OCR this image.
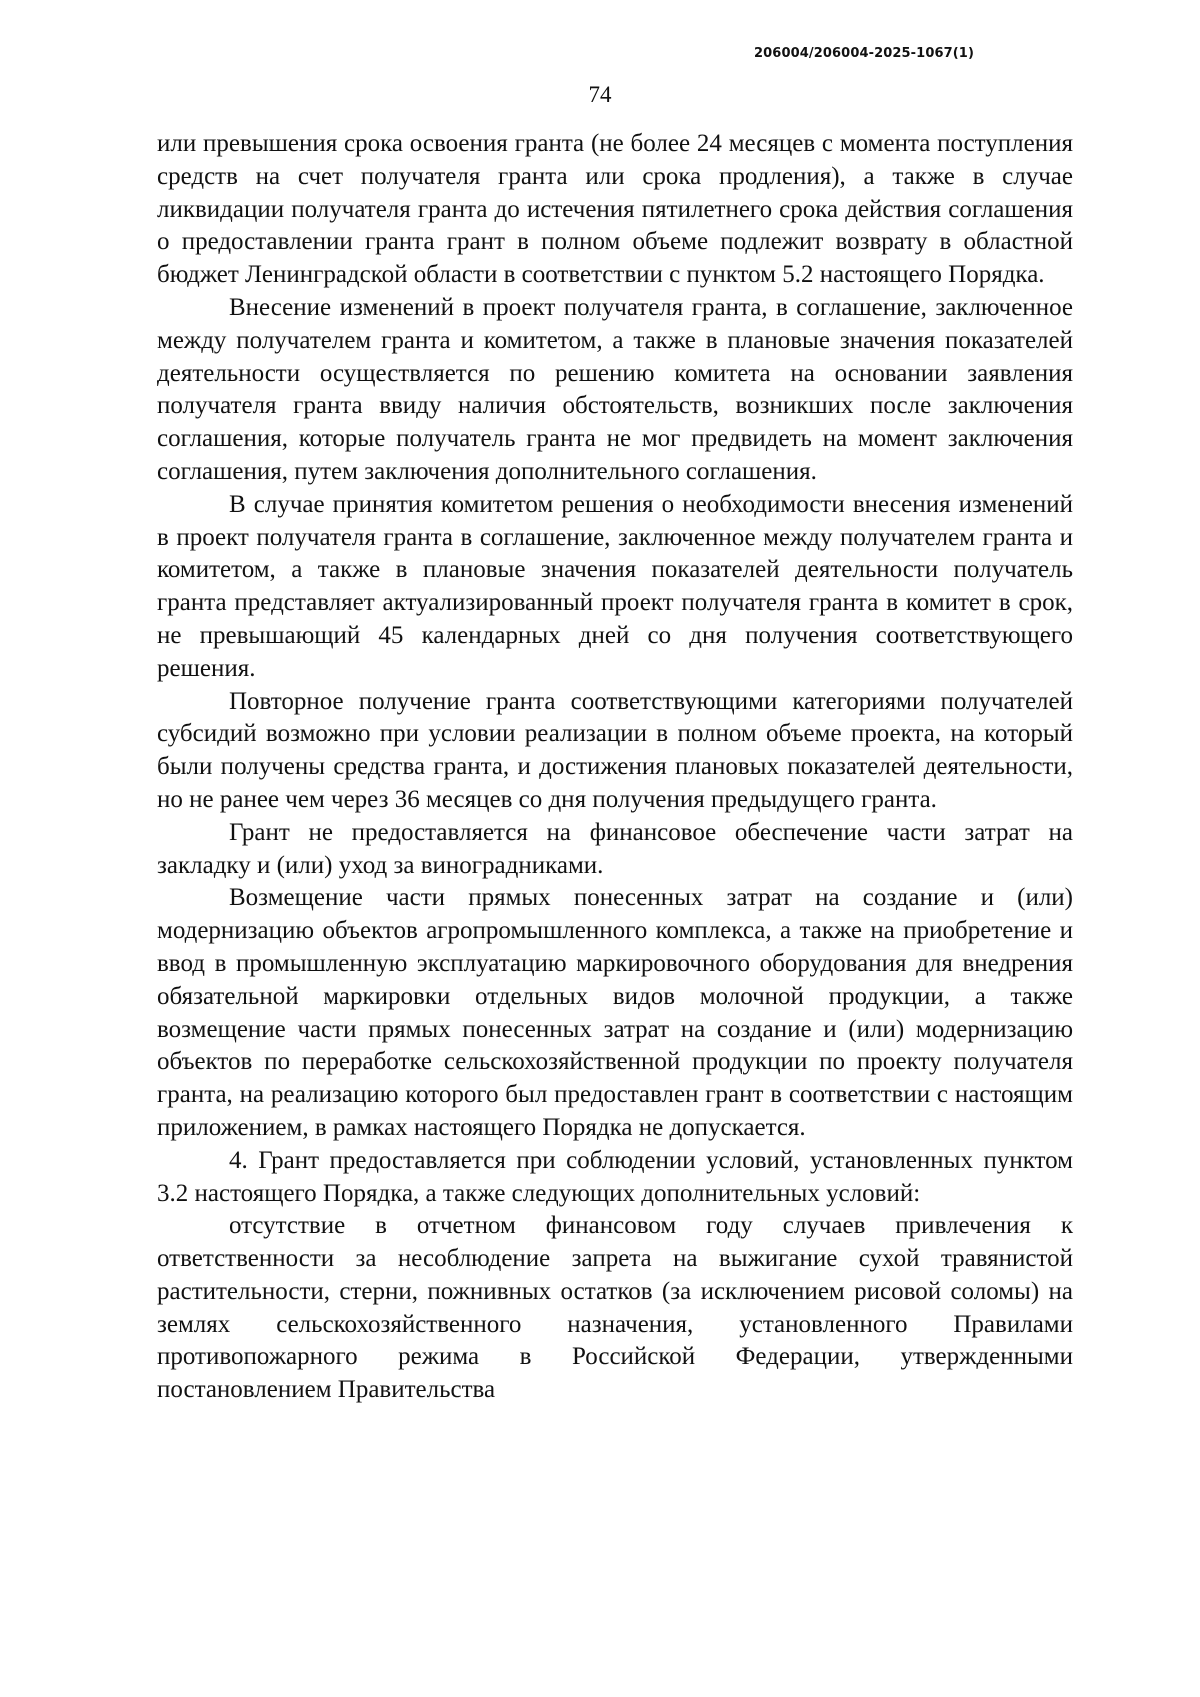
206004/206004-2025-1067(1)
74

или превышения срока освоения гранта (не более 24 месяцев с момента поступления средств на счет получателя гранта или срока продления), а также в случае ликвидации получателя гранта до истечения пятилетнего срока действия соглашения о предоставлении гранта грант в полном объеме подлежит возврату в областной бюджет Ленинградской области в соответствии с пунктом 5.2 настоящего Порядка.

Внесение изменений в проект получателя гранта, в соглашение, заключенное между получателем гранта и комитетом, а также в плановые значения показателей деятельности осуществляется по решению комитета на основании заявления получателя гранта ввиду наличия обстоятельств, возникших после заключения соглашения, которые получатель гранта не мог предвидеть на момент заключения соглашения, путем заключения дополнительного соглашения.

В случае принятия комитетом решения о необходимости внесения изменений в проект получателя гранта в соглашение, заключенное между получателем гранта и комитетом, а также в плановые значения показателей деятельности получатель гранта представляет актуализированный проект получателя гранта в комитет в срок, не превышающий 45 календарных дней со дня получения соответствующего решения.

Повторное получение гранта соответствующими категориями получателей субсидий возможно при условии реализации в полном объеме проекта, на который были получены средства гранта, и достижения плановых показателей деятельности, но не ранее чем через 36 месяцев со дня получения предыдущего гранта.

Грант не предоставляется на финансовое обеспечение части затрат на закладку и (или) уход за виноградниками.

Возмещение части прямых понесенных затрат на создание и (или) модернизацию объектов агропромышленного комплекса, а также на приобретение и ввод в промышленную эксплуатацию маркировочного оборудования для внедрения обязательной маркировки отдельных видов молочной продукции, а также возмещение части прямых понесенных затрат на создание и (или) модернизацию объектов по переработке сельскохозяйственной продукции по проекту получателя гранта, на реализацию которого был предоставлен грант в соответствии с настоящим приложением, в рамках настоящего Порядка не допускается.

4. Грант предоставляется при соблюдении условий, установленных пунктом 3.2 настоящего Порядка, а также следующих дополнительных условий:

отсутствие в отчетном финансовом году случаев привлечения к ответственности за несоблюдение запрета на выжигание сухой травянистой растительности, стерни, пожнивных остатков (за исключением рисовой соломы) на землях сельскохозяйственного назначения, установленного Правилами противопожарного режима в Российской Федерации, утвержденными постановлением Правительства
